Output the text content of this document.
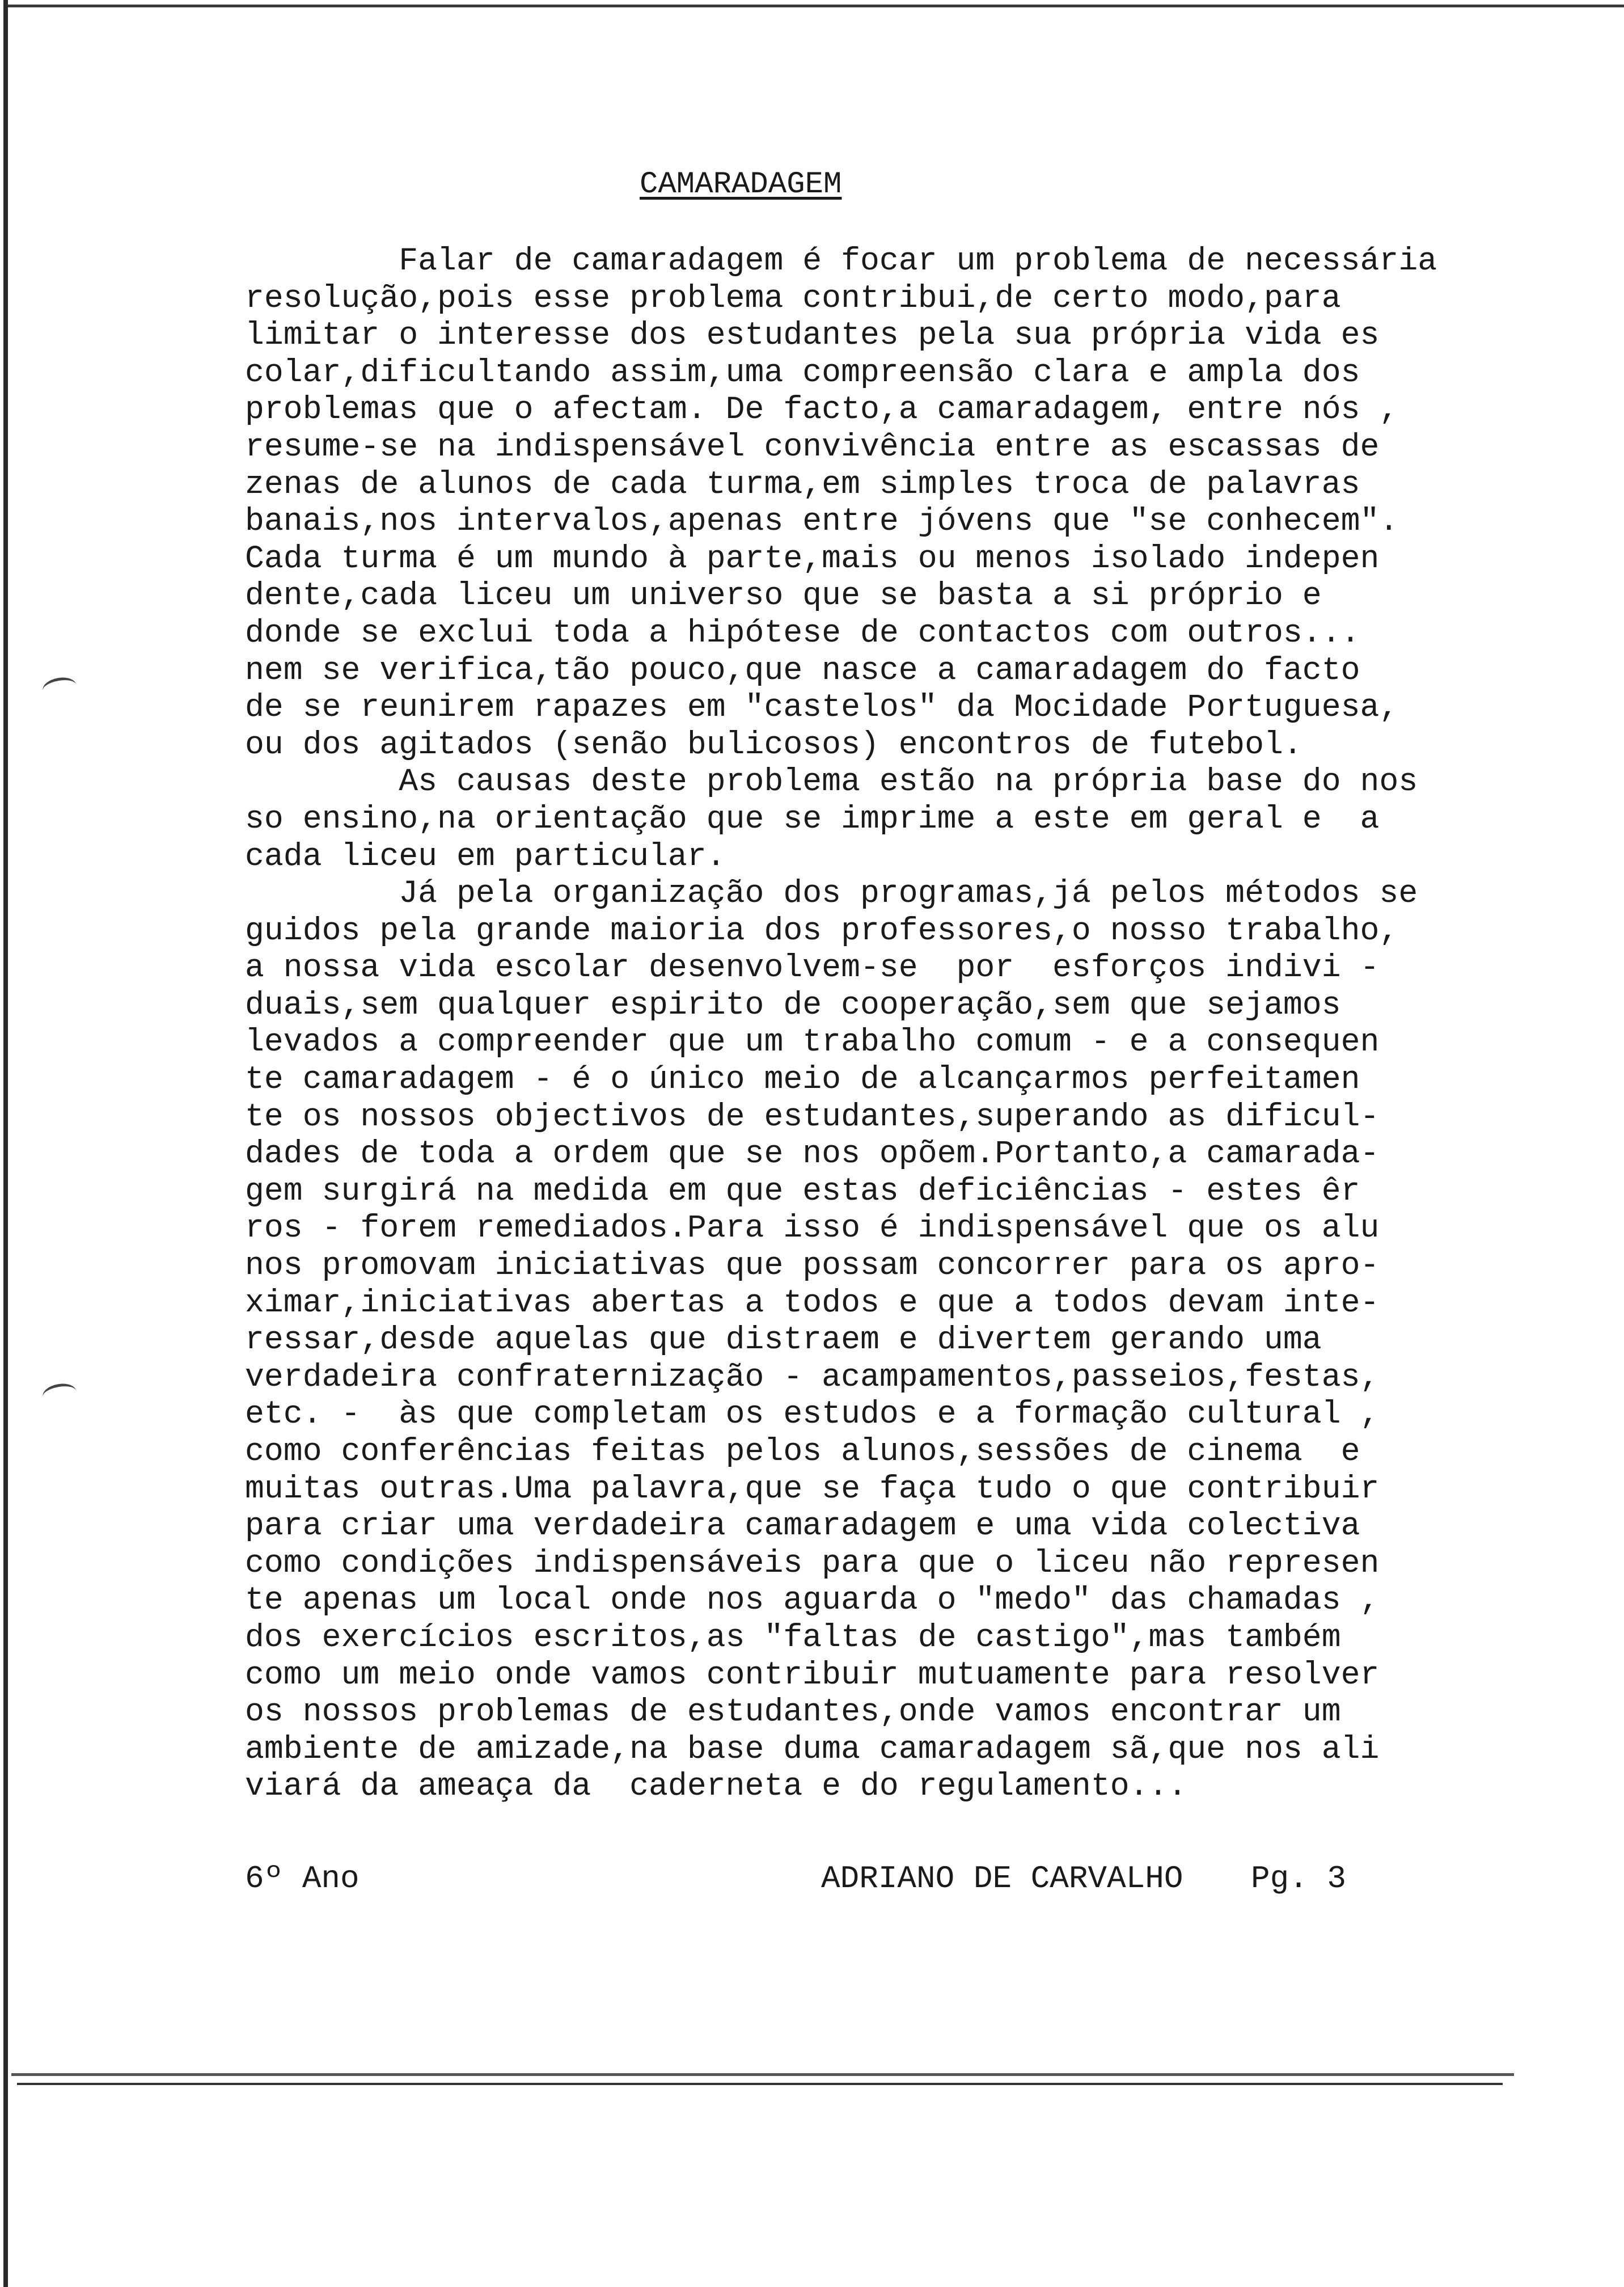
CAMARADAGEM
Falar de camaradagem é focar um problema de necessária
resolução,pois esse problema contribui,de certo modo,para
limitar o interesse dos estudantes pela sua própria vida es
colar,dificultando assim,uma compreensão clara e ampla dos
problemas que o afectam. De facto,a camaradagem, entre nós ,
resume-se na indispensável convivência entre as escassas de
zenas de alunos de cada turma,em simples troca de palavras
banais,nos intervalos,apenas entre jóvens que "se conhecem".
Cada turma é um mundo à parte,mais ou menos isolado indepen
dente,cada liceu um universo que se basta a si próprio e
donde se exclui toda a hipótese de contactos com outros...
nem se verifica,tão pouco,que nasce a camaradagem do facto
de se reunirem rapazes em "castelos" da Mocidade Portuguesa,
ou dos agitados (senão bulicosos) encontros de futebol.
As causas deste problema estão na própria base do nos
so ensino,na orientação que se imprime a este em geral e  a
cada liceu em particular.
Já pela organização dos programas,já pelos métodos se
guidos pela grande maioria dos professores,o nosso trabalho,
a nossa vida escolar desenvolvem-se  por  esforços indivi -
duais,sem qualquer espirito de cooperação,sem que sejamos
levados a compreender que um trabalho comum - e a consequen
te camaradagem - é o único meio de alcançarmos perfeitamen
te os nossos objectivos de estudantes,superando as dificul-
dades de toda a ordem que se nos opõem.Portanto,a camarada-
gem surgirá na medida em que estas deficiências - estes êr
ros - forem remediados.Para isso é indispensável que os alu
nos promovam iniciativas que possam concorrer para os apro-
ximar,iniciativas abertas a todos e que a todos devam inte-
ressar,desde aquelas que distraem e divertem gerando uma
verdadeira confraternização - acampamentos,passeios,festas,
etc. -  às que completam os estudos e a formação cultural ,
como conferências feitas pelos alunos,sessões de cinema  e
muitas outras.Uma palavra,que se faça tudo o que contribuir
para criar uma verdadeira camaradagem e uma vida colectiva
como condições indispensáveis para que o liceu não represen
te apenas um local onde nos aguarda o "medo" das chamadas ,
dos exercícios escritos,as "faltas de castigo",mas também
como um meio onde vamos contribuir mutuamente para resolver
os nossos problemas de estudantes,onde vamos encontrar um
ambiente de amizade,na base duma camaradagem sã,que nos ali
viará da ameaça da  caderneta e do regulamento...
6º Ano	ADRIANO DE CARVALHO Pg. 3
